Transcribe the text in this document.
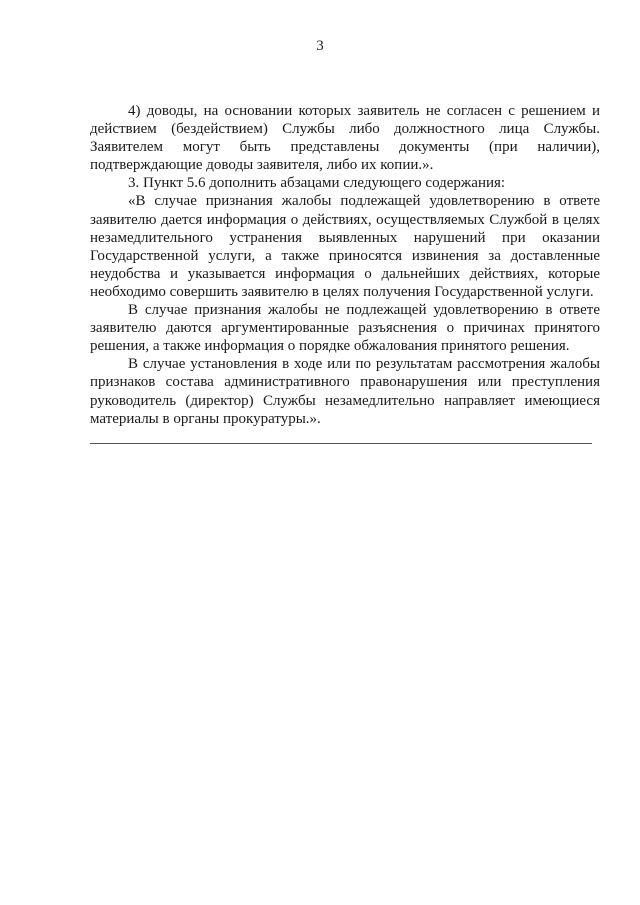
3

4) доводы, на основании которых заявитель не согласен с решением и действием (бездействием) Службы либо должностного лица Службы. Заявителем могут быть представлены документы (при наличии), подтверждающие доводы заявителя, либо их копии.».

3. Пункт 5.6 дополнить абзацами следующего содержания:

«В случае признания жалобы подлежащей удовлетворению в ответе заявителю дается информация о действиях, осуществляемых Службой в целях незамедлительного устранения выявленных нарушений при оказании Государственной услуги, а также приносятся извинения за доставленные неудобства и указывается информация о дальнейших действиях, которые необходимо совершить заявителю в целях получения Государственной услуги.

В случае признания жалобы не подлежащей удовлетворению в ответе заявителю даются аргументированные разъяснения о причинах принятого решения, а также информация о порядке обжалования принятого решения.

В случае установления в ходе или по результатам рассмотрения жалобы признаков состава административного правонарушения или преступления руководитель (директор) Службы незамедлительно направляет имеющиеся материалы в органы прокуратуры.».
